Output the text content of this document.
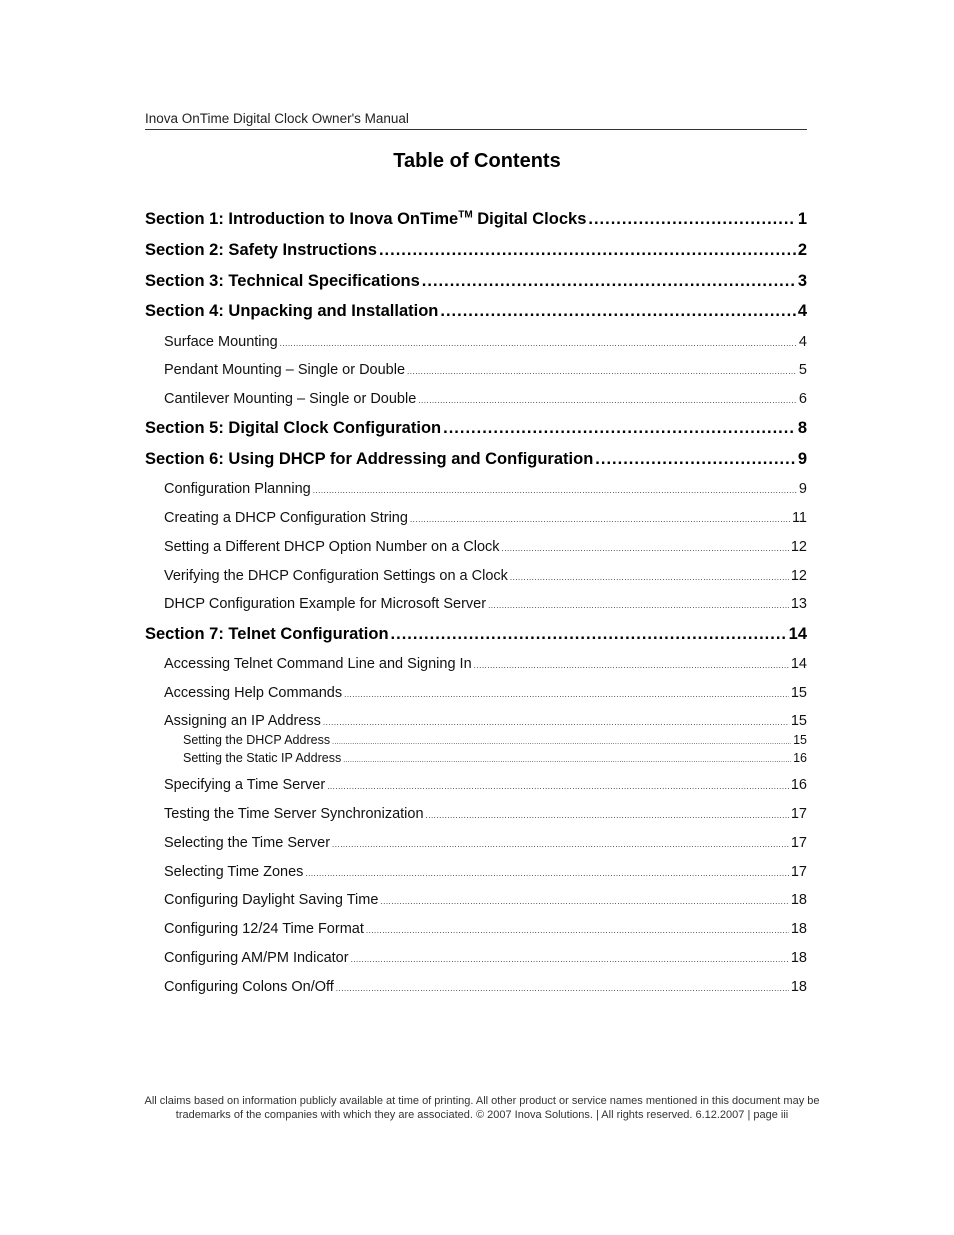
Inova OnTime Digital Clock Owner's Manual
Table of Contents
Section 1: Introduction to Inova OnTime™ Digital Clocks .....	1
Section 2: Safety Instructions .....	2
Section 3: Technical Specifications .....	3
Section 4: Unpacking and Installation .....	4
Surface Mounting .....	4
Pendant Mounting – Single or Double .....	5
Cantilever Mounting – Single or Double .....	6
Section 5: Digital Clock Configuration .....	8
Section 6: Using DHCP for Addressing and Configuration .....	9
Configuration Planning .....	9
Creating a DHCP Configuration String .....	11
Setting a Different DHCP Option Number on a Clock .....	12
Verifying the DHCP Configuration Settings on a Clock .....	12
DHCP Configuration Example for Microsoft Server .....	13
Section 7: Telnet Configuration .....	14
Accessing Telnet Command Line and Signing In .....	14
Accessing Help Commands .....	15
Assigning an IP Address .....	15
Setting the DHCP Address .....	15
Setting the Static IP Address .....	16
Specifying a Time Server .....	16
Testing the Time Server Synchronization .....	17
Selecting the Time Server .....	17
Selecting Time Zones .....	17
Configuring Daylight Saving Time .....	18
Configuring 12/24 Time Format .....	18
Configuring AM/PM Indicator .....	18
Configuring Colons On/Off .....	18
All claims based on information publicly available at time of printing. All other product or service names mentioned in this document may be
trademarks of the companies with which they are associated. © 2007 Inova Solutions. | All rights reserved. 6.12.2007 | page iii
